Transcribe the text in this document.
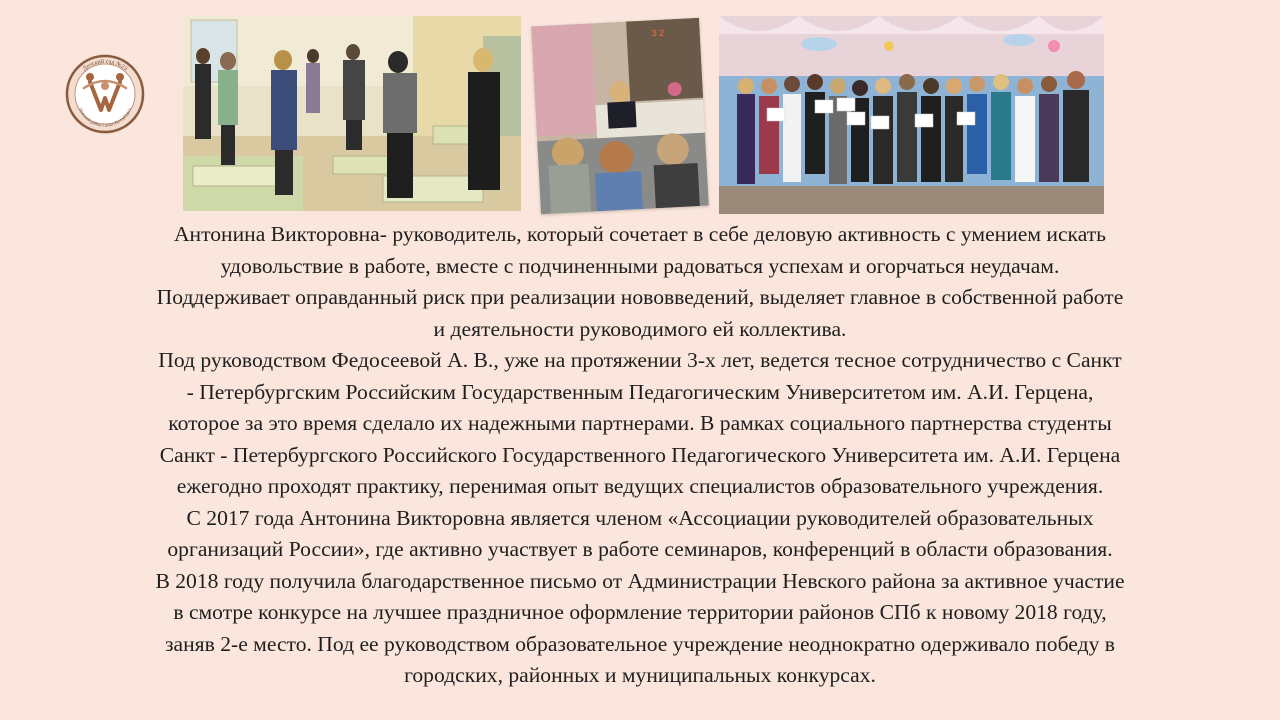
Детский сад №23
Невский район Санкт-Петербурга
3 2

Антонина Викторовна- руководитель, который сочетает в себе деловую активность с умением искать
удовольствие в работе, вместе с подчиненными радоваться успехам и огорчаться неудачам.
Поддерживает оправданный риск при реализации нововведений, выделяет главное в собственной работе
и деятельности руководимого ей коллектива.

Под руководством Федосеевой А. В., уже на протяжении 3-х лет, ведется тесное сотрудничество с Санкт
- Петербургским Российским Государственным Педагогическим Университетом им. А.И. Герцена,
которое за это время сделало их надежными партнерами. В рамках социального партнерства студенты
Санкт - Петербургского Российского Государственного Педагогического Университета им. А.И. Герцена
ежегодно проходят практику, перенимая опыт ведущих специалистов образовательного учреждения.

С 2017 года Антонина Викторовна является членом «Ассоциации руководителей образовательных
организаций России», где активно участвует в работе семинаров, конференций в области образования.

В 2018 году получила благодарственное письмо от Администрации Невского района за активное участие
в смотре конкурсе на лучшее праздничное оформление территории районов СПб к новому 2018 году,
заняв 2-е место. Под ее руководством образовательное учреждение неоднократно одерживало победу в
городских, районных и муниципальных конкурсах.
